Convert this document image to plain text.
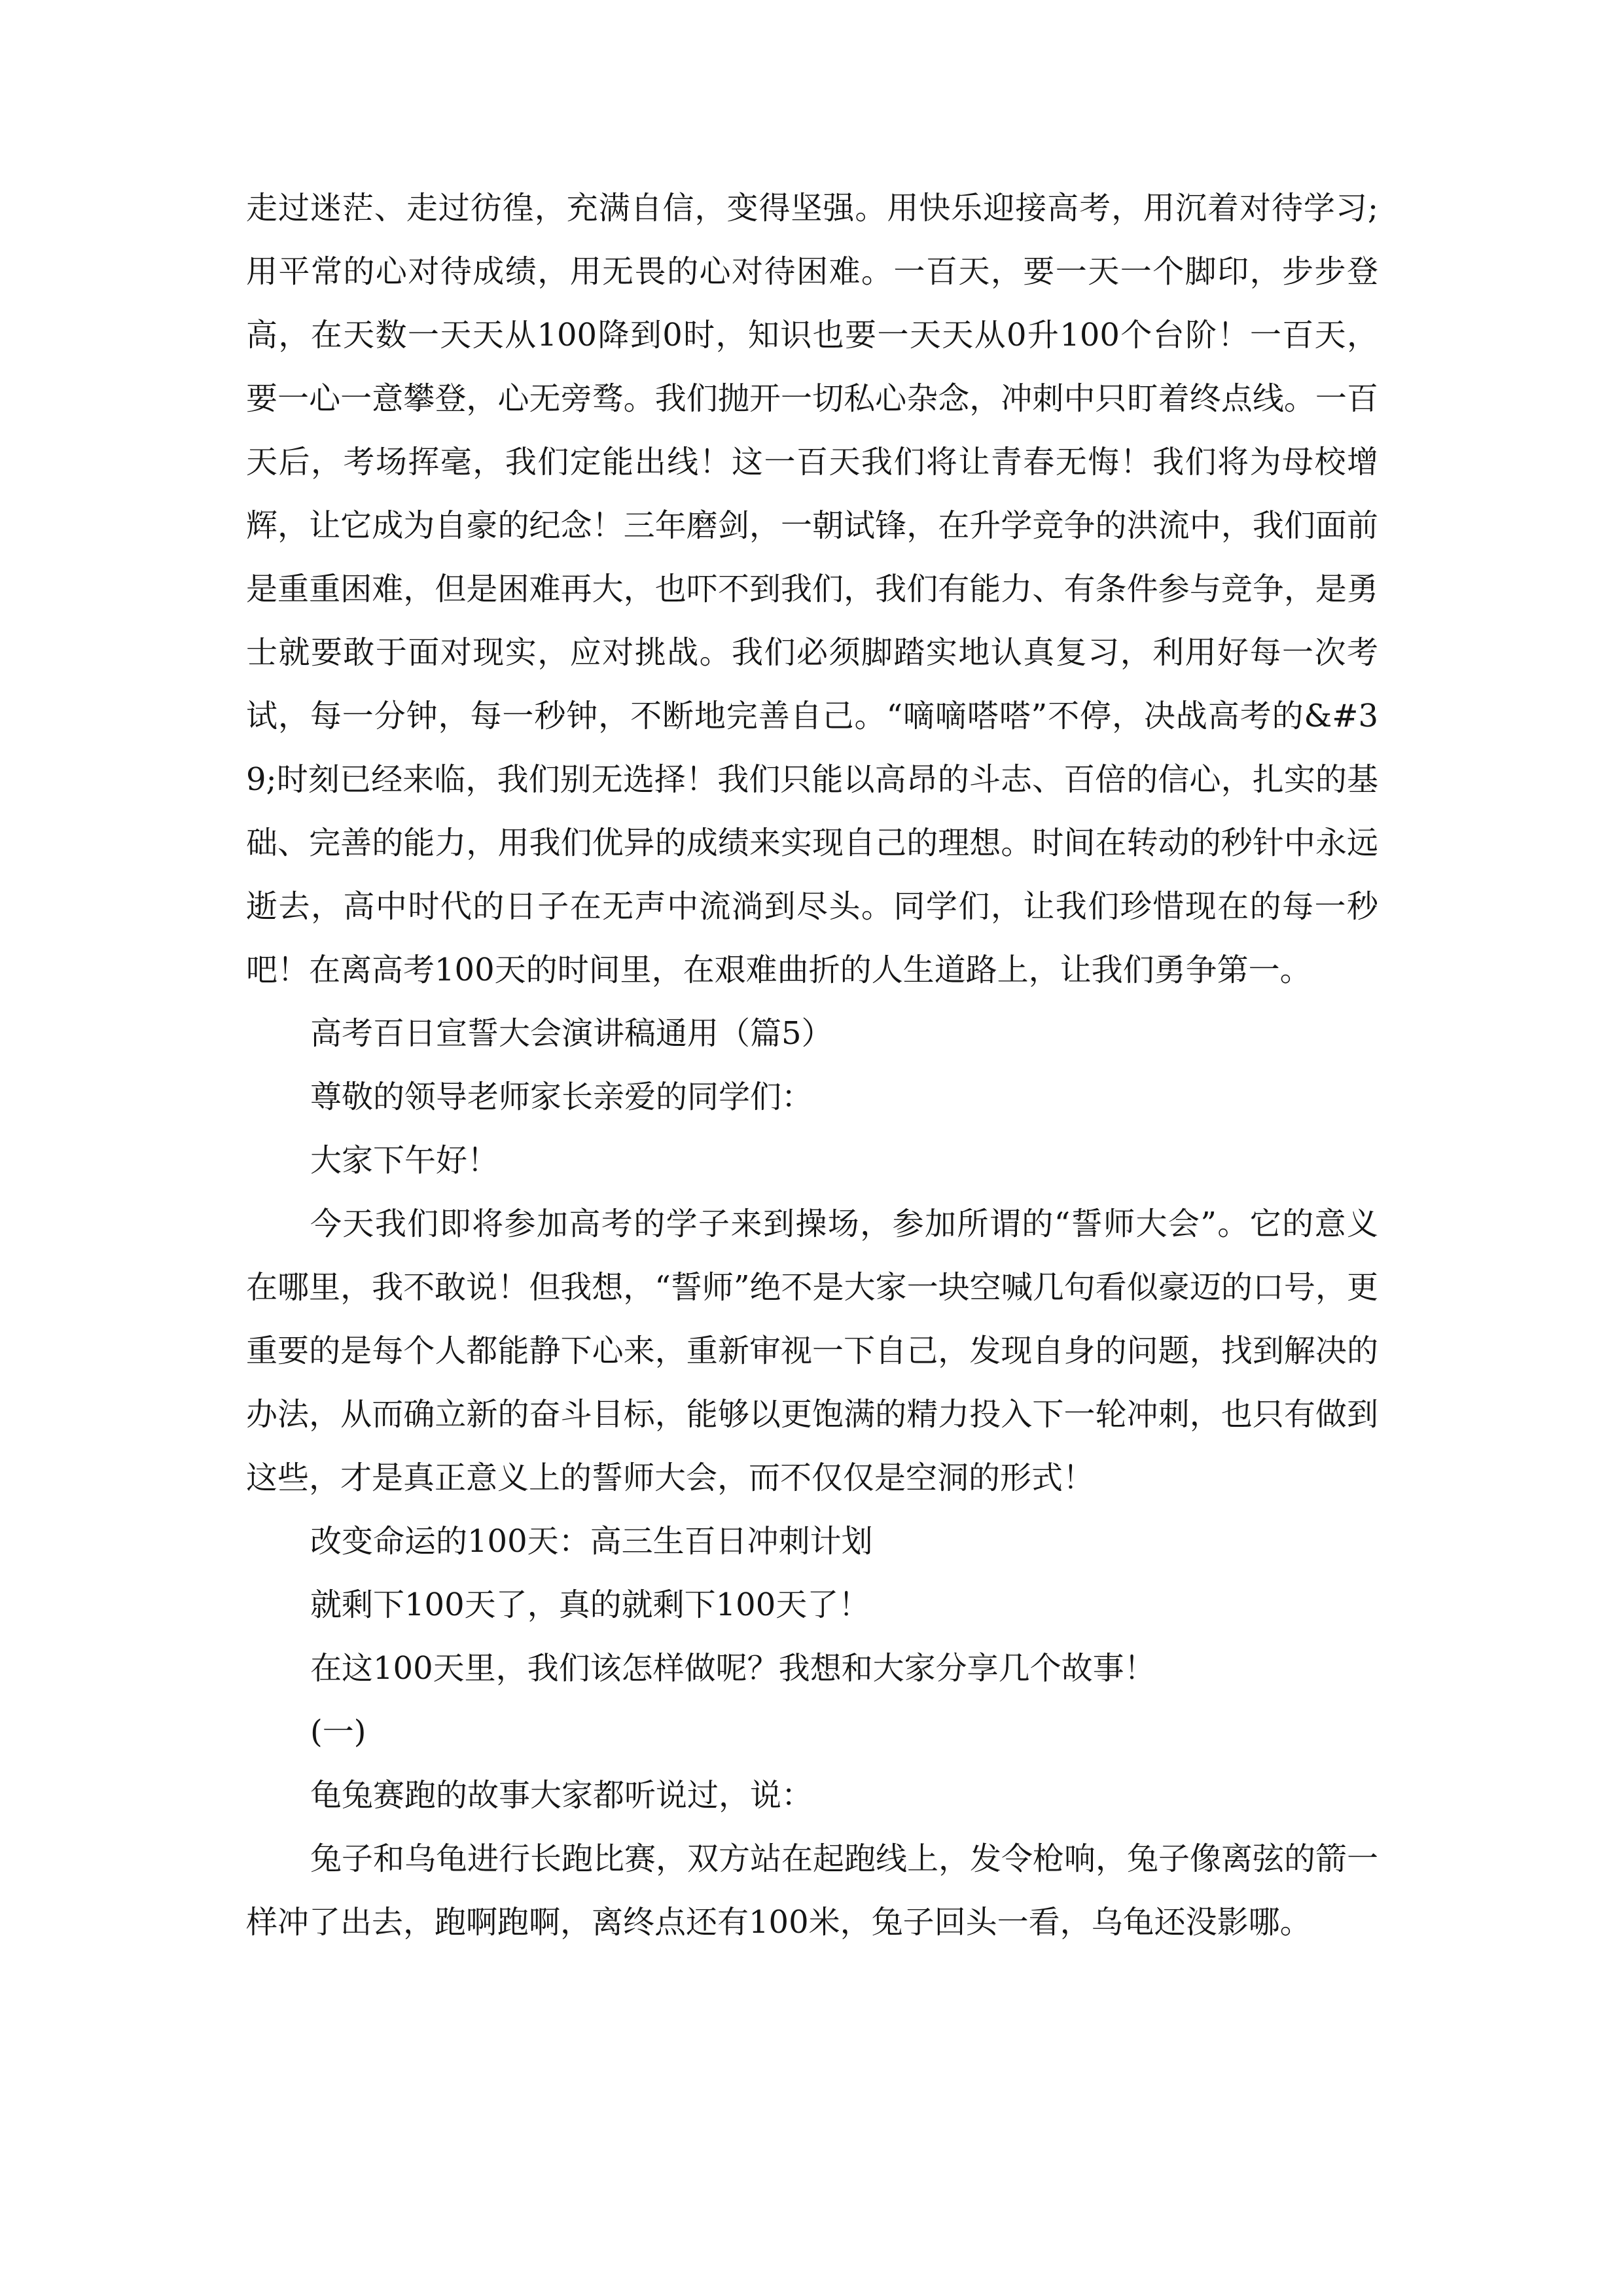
走过迷茫、走过彷徨，充满自信，变得坚强。用快乐迎接高考，用沉着对待学习;用平常的心对待成绩，用无畏的心对待困难。一百天，要一天一个脚印，步步登高，在天数一天天从100降到0时，知识也要一天天从0升100个台阶！一百天，要一心一意攀登，心无旁骛。我们抛开一切私心杂念，冲刺中只盯着终点线。一百天后，考场挥毫，我们定能出线！这一百天我们将让青春无悔！我们将为母校增辉，让它成为自豪的纪念！三年磨剑，一朝试锋，在升学竞争的洪流中，我们面前是重重困难，但是困难再大，也吓不到我们，我们有能力、有条件参与竞争，是勇士就要敢于面对现实，应对挑战。我们必须脚踏实地认真复习，利用好每一次考试，每一分钟，每一秒钟，不断地完善自己。“嘀嘀嗒嗒”不停，决战高考的&#39;时刻已经来临，我们别无选择！我们只能以高昂的斗志、百倍的信心，扎实的基础、完善的能力，用我们优异的成绩来实现自己的理想。时间在转动的秒针中永远逝去，高中时代的日子在无声中流淌到尽头。同学们，让我们珍惜现在的每一秒吧！在离高考100天的时间里，在艰难曲折的人生道路上，让我们勇争第一。

高考百日宣誓大会演讲稿通用（篇5）

尊敬的领导老师家长亲爱的同学们：

大家下午好！

今天我们即将参加高考的学子来到操场，参加所谓的“誓师大会”。它的意义在哪里，我不敢说！但我想，“誓师”绝不是大家一块空喊几句看似豪迈的口号，更重要的是每个人都能静下心来，重新审视一下自己，发现自身的问题，找到解决的办法，从而确立新的奋斗目标，能够以更饱满的精力投入下一轮冲刺，也只有做到这些，才是真正意义上的誓师大会，而不仅仅是空洞的形式！

改变命运的100天：高三生百日冲刺计划

就剩下100天了，真的就剩下100天了！

在这100天里，我们该怎样做呢？我想和大家分享几个故事！

(一)

龟兔赛跑的故事大家都听说过，说：

兔子和乌龟进行长跑比赛，双方站在起跑线上，发令枪响，兔子像离弦的箭一样冲了出去，跑啊跑啊，离终点还有100米，兔子回头一看，乌龟还没影哪。
